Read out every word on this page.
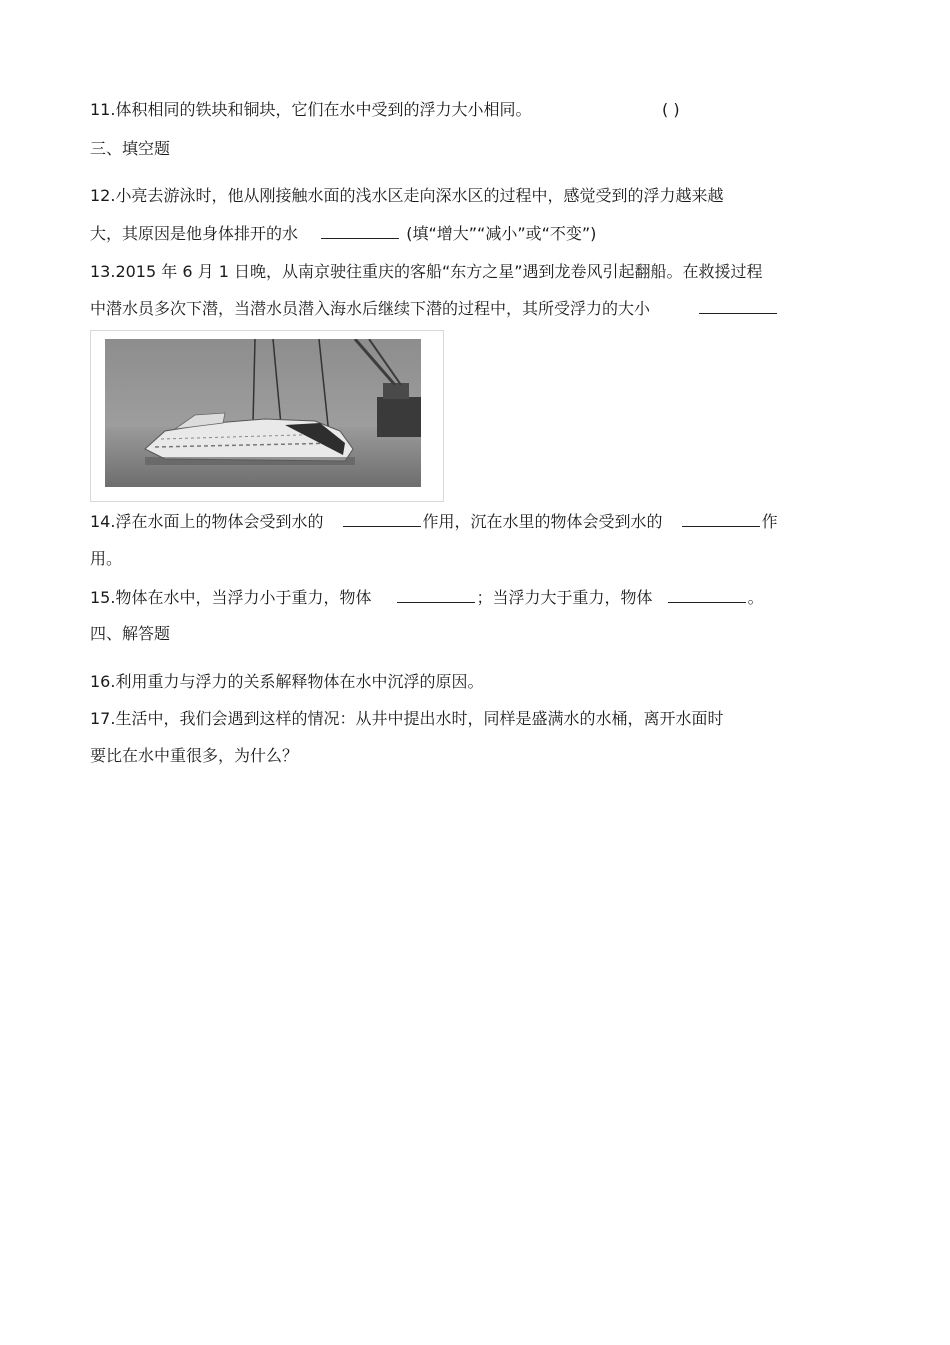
11.体积相同的铁块和铜块，它们在水中受到的浮力大小相同。	( )
三、填空题
12.小亮去游泳时，他从刚接触水面的浅水区走向深水区的过程中，感觉受到的浮力越来越
大，其原因是他身体排开的水	(填“增大”“减小”或“不变”)
13.2015 年 6 月 1 日晚，从南京驶往重庆的客船“东方之星”遇到龙卷风引起翻船。在救援过程
中潜水员多次下潜，当潜水员潜入海水后继续下潜的过程中，其所受浮力的大小
14.浮在水面上的物体会受到水的	作用，沉在水里的物体会受到水的	作
用。
15.物体在水中，当浮力小于重力，物体	；当浮力大于重力，物体	。
四、解答题
16.利用重力与浮力的关系解释物体在水中沉浮的原因。
17.生活中，我们会遇到这样的情况：从井中提出水时，同样是盛满水的水桶，离开水面时
要比在水中重很多，为什么？
